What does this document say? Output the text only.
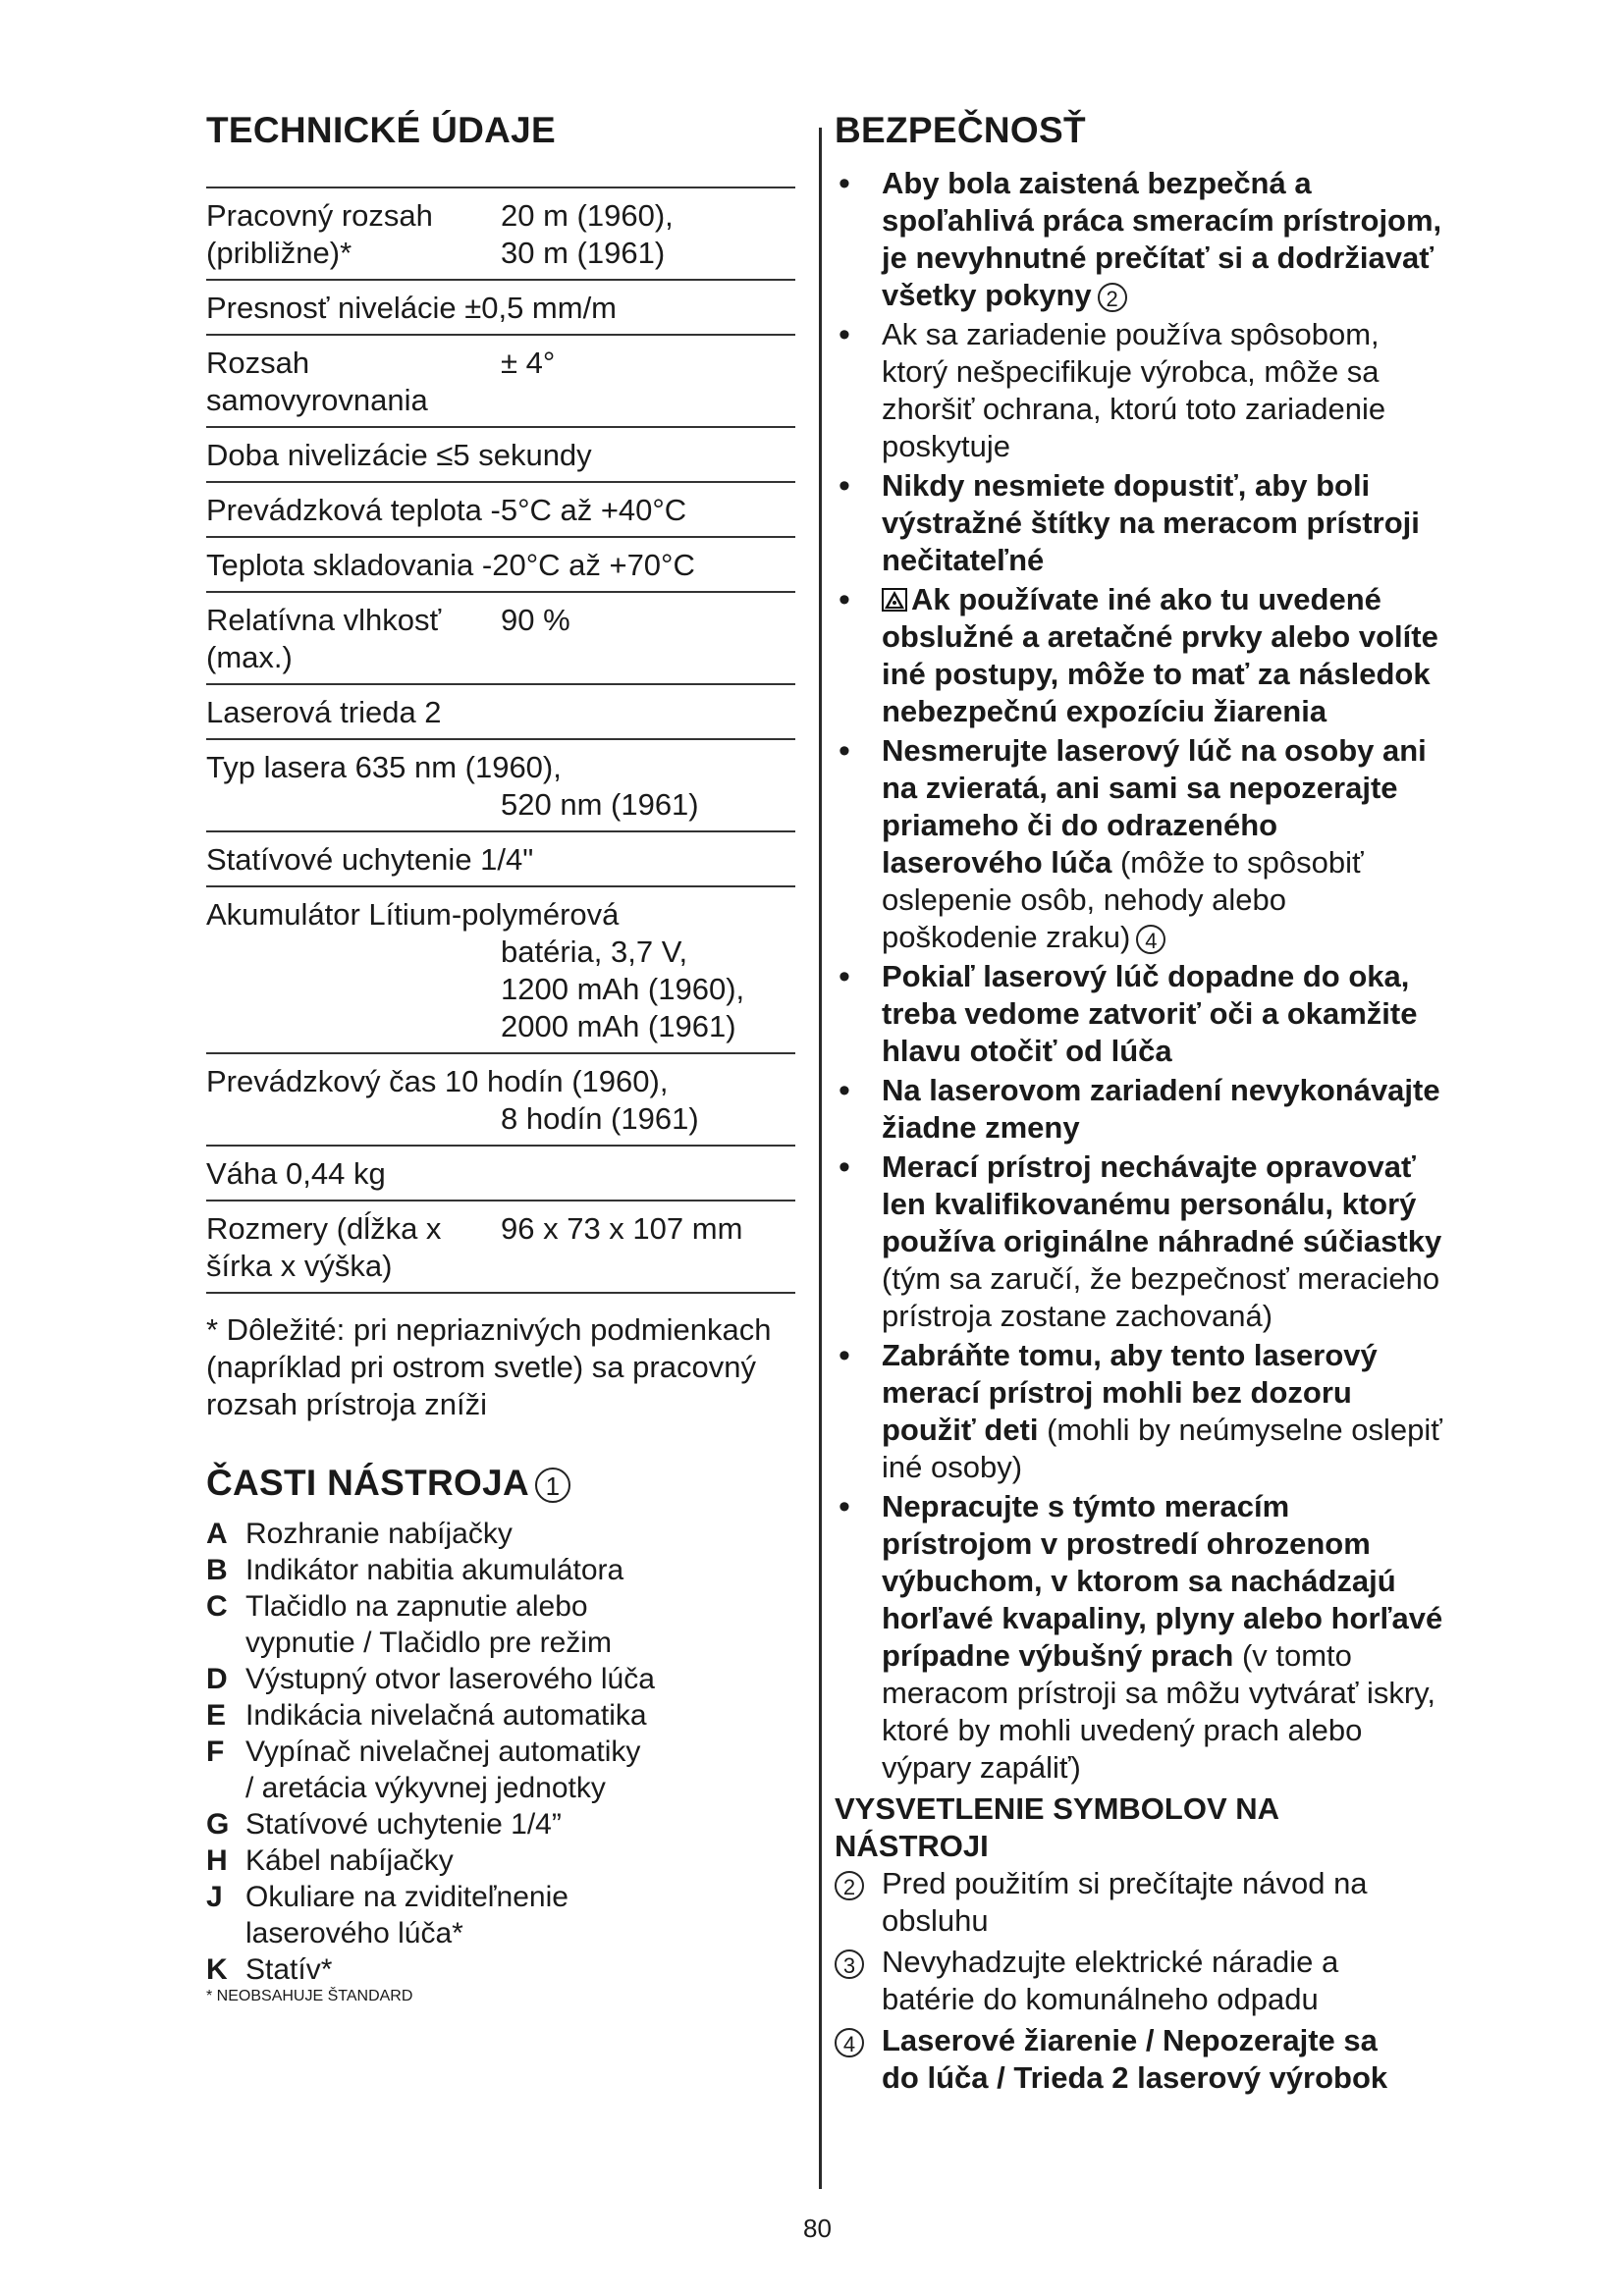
TECHNICKÉ ÚDAJE
Pracovný rozsah
(približne)*
20 m (1960),
30 m (1961)
Presnosť nivelácie ±0,5 mm/m
Rozsah
samovyrovnania
± 4°
Doba nivelizácie ≤5 sekundy
Prevádzková teplota -5°C až +40°C
Teplota skladovania -20°C až +70°C
Relatívna vlhkosť
(max.)
90 %
Laserová trieda 2
Typ lasera 635 nm (1960),
520 nm (1961)
Statívové uchytenie 1/4"
Akumulátor Lítium-polymérová
batéria, 3,7 V,
1200 mAh (1960),
2000 mAh (1961)
Prevádzkový čas 10 hodín (1960),
8 hodín (1961)
Váha 0,44 kg
Rozmery (dĺžka x
šírka x výška)
96 x 73 x 107 mm
* Dôležité: pri nepriaznivých podmienkach
(napríklad pri ostrom svetle) sa pracovný
rozsah prístroja zníži
ČASTI NÁSTROJA 1
A Rozhranie nabíjačky
B Indikátor nabitia akumulátora
C Tlačidlo na zapnutie alebo
vypnutie / Tlačidlo pre režim
D Výstupný otvor laserového lúča
E Indikácia nivelačná automatika
F Vypínač nivelačnej automatiky
/ aretácia výkyvnej jednotky
G Statívové uchytenie 1/4”
H Kábel nabíjačky
J Okuliare na zviditeľnenie
laserového lúča*
K Statív*
* NEOBSAHUJE ŠTANDARD
BEZPEČNOSŤ
• Aby bola zaistená bezpečná a spoľahlivá práca smeracím prístrojom, je nevyhnutné prečítať si a dodržiavať všetky pokyny 2
• Ak sa zariadenie používa spôsobom, ktorý nešpecifikuje výrobca, môže sa zhoršiť ochrana, ktorú toto zariadenie poskytuje
• Nikdy nesmiete dopustiť, aby boli výstražné štítky na meracom prístroji nečitateľné
• Ak používate iné ako tu uvedené obslužné a aretačné prvky alebo volíte iné postupy, môže to mať za následok nebezpečnú expozíciu žiarenia
• Nesmerujte laserový lúč na osoby ani na zvieratá, ani sami sa nepozerajte priameho či do odrazeného laserového lúča (môže to spôsobiť oslepenie osôb, nehody alebo poškodenie zraku) 4
• Pokiaľ laserový lúč dopadne do oka, treba vedome zatvoriť oči a okamžite hlavu otočiť od lúča
• Na laserovom zariadení nevykonávajte žiadne zmeny
• Merací prístroj nechávajte opravovať len kvalifikovanému personálu, ktorý používa originálne náhradné súčiastky (tým sa zaručí, že bezpečnosť meracieho prístroja zostane zachovaná)
• Zabráňte tomu, aby tento laserový merací prístroj mohli bez dozoru použiť deti (mohli by neúmyselne oslepiť iné osoby)
• Nepracujte s týmto meracím prístrojom v prostredí ohrozenom výbuchom, v ktorom sa nachádzajú horľavé kvapaliny, plyny alebo horľavé prípadne výbušný prach (v tomto meracom prístroji sa môžu vytvárať iskry, ktoré by mohli uvedený prach alebo výpary zapáliť)
VYSVETLENIE SYMBOLOV NA
NÁSTROJI
2 Pred použitím si prečítajte návod na
obsluhu
3 Nevyhadzujte elektrické náradie a
batérie do komunálneho odpadu
4 Laserové žiarenie / Nepozerajte sa
do lúča / Trieda 2 laserový výrobok
80
